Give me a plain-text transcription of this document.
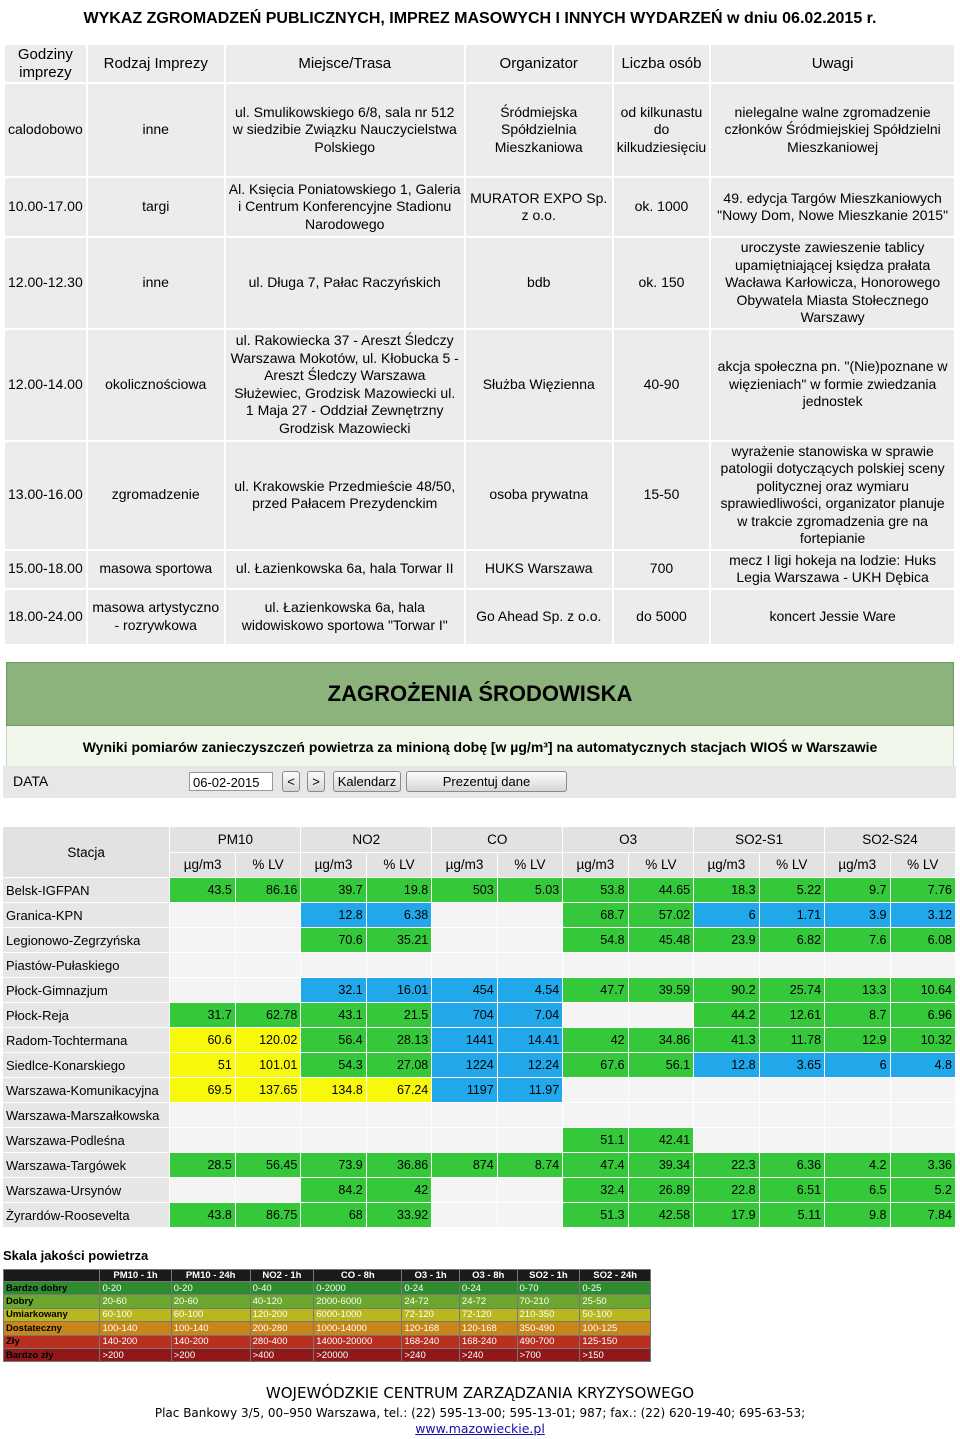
WYKAZ ZGROMADZEŃ PUBLICZNYCH, IMPREZ MASOWYCH I INNYCH WYDARZEŃ w dniu 06.02.2015 r.
Godziny imprezy	Rodzaj Imprezy	Miejsce/Trasa	Organizator	Liczba osób	Uwagi
calodobowo	inne	ul. Smulikowskiego 6/8, sala nr 512 w siedzibie Związku Nauczycielstwa Polskiego	Śródmiejska Spółdzielnia Mieszkaniowa	od kilkunastu do kilkudziesięciu	nielegalne walne zgromadzenie członków Śródmiejskiej Spółdzielni Mieszkaniowej
10.00-17.00	targi	Al. Księcia Poniatowskiego 1, Galeria i Centrum Konferencyjne Stadionu Narodowego	MURATOR EXPO Sp. z o.o.	ok. 1000	49. edycja Targów Mieszkaniowych "Nowy Dom, Nowe Mieszkanie 2015"
12.00-12.30	inne	ul. Długa 7, Pałac Raczyńskich	bdb	ok. 150	uroczyste zawieszenie tablicy upamiętniającej księdza prałata Wacława Karłowicza, Honorowego Obywatela Miasta Stołecznego Warszawy
12.00-14.00	okolicznościowa	ul. Rakowiecka 37 - Areszt Śledczy Warszawa Mokotów, ul. Kłobucka 5 - Areszt Śledczy Warszawa Służewiec, Grodzisk Mazowiecki ul. 1 Maja 27 - Oddział Zewnętrzny Grodzisk Mazowiecki	Służba Więzienna	40-90	akcja społeczna pn. "(Nie)poznane w więzieniach" w formie zwiedzania jednostek
13.00-16.00	zgromadzenie	ul. Krakowskie Przedmieście 48/50, przed Pałacem Prezydenckim	osoba prywatna	15-50	wyrażenie stanowiska w sprawie patologii dotyczących polskiej sceny politycznej oraz wymiaru sprawiedliwości, organizator planuje w trakcie zgromadzenia gre na fortepianie
15.00-18.00	masowa sportowa	ul. Łazienkowska 6a, hala Torwar II	HUKS Warszawa	700	mecz I ligi hokeja na lodzie: Huks Legia Warszawa - UKH Dębica
18.00-24.00	masowa artystyczno - rozrywkowa	ul. Łazienkowska 6a, hala widowiskowo sportowa "Torwar I"	Go Ahead Sp. z o.o.	do 5000	koncert Jessie Ware
ZAGROŻENIA ŚRODOWISKA
Wyniki pomiarów zanieczyszczeń powietrza za minioną dobę [w µg/m³] na automatycznych stacjach WIOŚ w Warszawie
DATA	06-02-2015	<	>	Kalendarz	Prezentuj dane
Stacja	PM10		NO2		CO		O3		SO2-S1		SO2-S24	
	µg/m3	% LV	µg/m3	% LV	µg/m3	% LV	µg/m3	% LV	µg/m3	% LV	µg/m3	% LV
Belsk-IGFPAN	43.5	86.16	39.7	19.8	503	5.03	53.8	44.65	18.3	5.22	9.7	7.76
Granica-KPN			12.8	6.38			68.7	57.02	6	1.71	3.9	3.12
Legionowo-Zegrzyńska			70.6	35.21			54.8	45.48	23.9	6.82	7.6	6.08
Piastów-Pułaskiego												
Płock-Gimnazjum			32.1	16.01	454	4.54	47.7	39.59	90.2	25.74	13.3	10.64
Płock-Reja	31.7	62.78	43.1	21.5	704	7.04			44.2	12.61	8.7	6.96
Radom-Tochtermana	60.6	120.02	56.4	28.13	1441	14.41	42	34.86	41.3	11.78	12.9	10.32
Siedlce-Konarskiego	51	101.01	54.3	27.08	1224	12.24	67.6	56.1	12.8	3.65	6	4.8
Warszawa-Komunikacyjna	69.5	137.65	134.8	67.24	1197	11.97						
Warszawa-Marszałkowska												
Warszawa-Podleśna							51.1	42.41				
Warszawa-Targówek	28.5	56.45	73.9	36.86	874	8.74	47.4	39.34	22.3	6.36	4.2	3.36
Warszawa-Ursynów			84.2	42			32.4	26.89	22.8	6.51	6.5	5.2
Żyrardów-Roosevelta	43.8	86.75	68	33.92			51.3	42.58	17.9	5.11	9.8	7.84
Skala jakości powietrza
	PM10 - 1h	PM10 - 24h	NO2 - 1h	CO - 8h	O3 - 1h	O3 - 8h	SO2 - 1h	SO2 - 24h
Bardzo dobry	0-20	0-20	0-40	0-2000	0-24	0-24	0-70	0-25
Dobry	20-60	20-60	40-120	2000-6000	24-72	24-72	70-210	25-50
Umiarkowany	60-100	60-100	120-200	6000-1000	72-120	72-120	210-350	50-100
Dostateczny	100-140	100-140	200-280	1000-14000	120-168	120-168	350-490	100-125
Zły	140-200	140-200	280-400	14000-20000	168-240	168-240	490-700	125-150
Bardzo zły	>200	>200	>400	>20000	>240	>240	>700	>150
WOJEWÓDZKIE CENTRUM ZARZĄDZANIA KRYZYSOWEGO
Plac Bankowy 3/5, 00–950 Warszawa, tel.: (22) 595-13-00; 595-13-01; 987; fax.: (22) 620-19-40; 695-63-53;
www.mazowieckie.pl
